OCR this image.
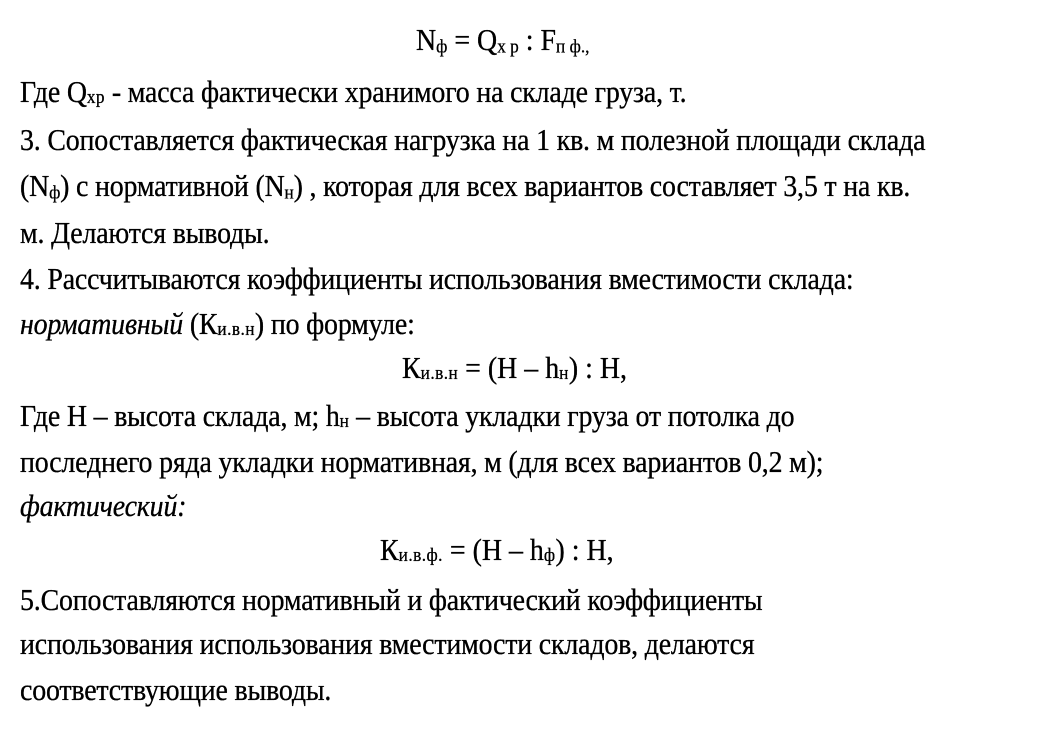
Nф = Qх р : Fп ф.,
Где Qхр - масса фактически хранимого на складе груза, т.
3. Сопоставляется фактическая нагрузка на 1 кв. м полезной площади склада
(Nф) с нормативной (Nн) , которая для всех вариантов составляет 3,5 т на кв.
м. Делаются выводы.
4. Рассчитываются коэффициенты использования вместимости склада:
нормативный (Ки.в.н) по формуле:
Ки.в.н = (Н – hн) : Н,
Где Н – высота склада, м; hн – высота укладки груза от потолка до
последнего ряда укладки нормативная, м (для всех вариантов 0,2 м);
фактический:
Ки.в.ф. = (Н – hф) : Н,
5.Сопоставляются нормативный и фактический коэффициенты
использования использования вместимости складов, делаются
соответствующие выводы.
